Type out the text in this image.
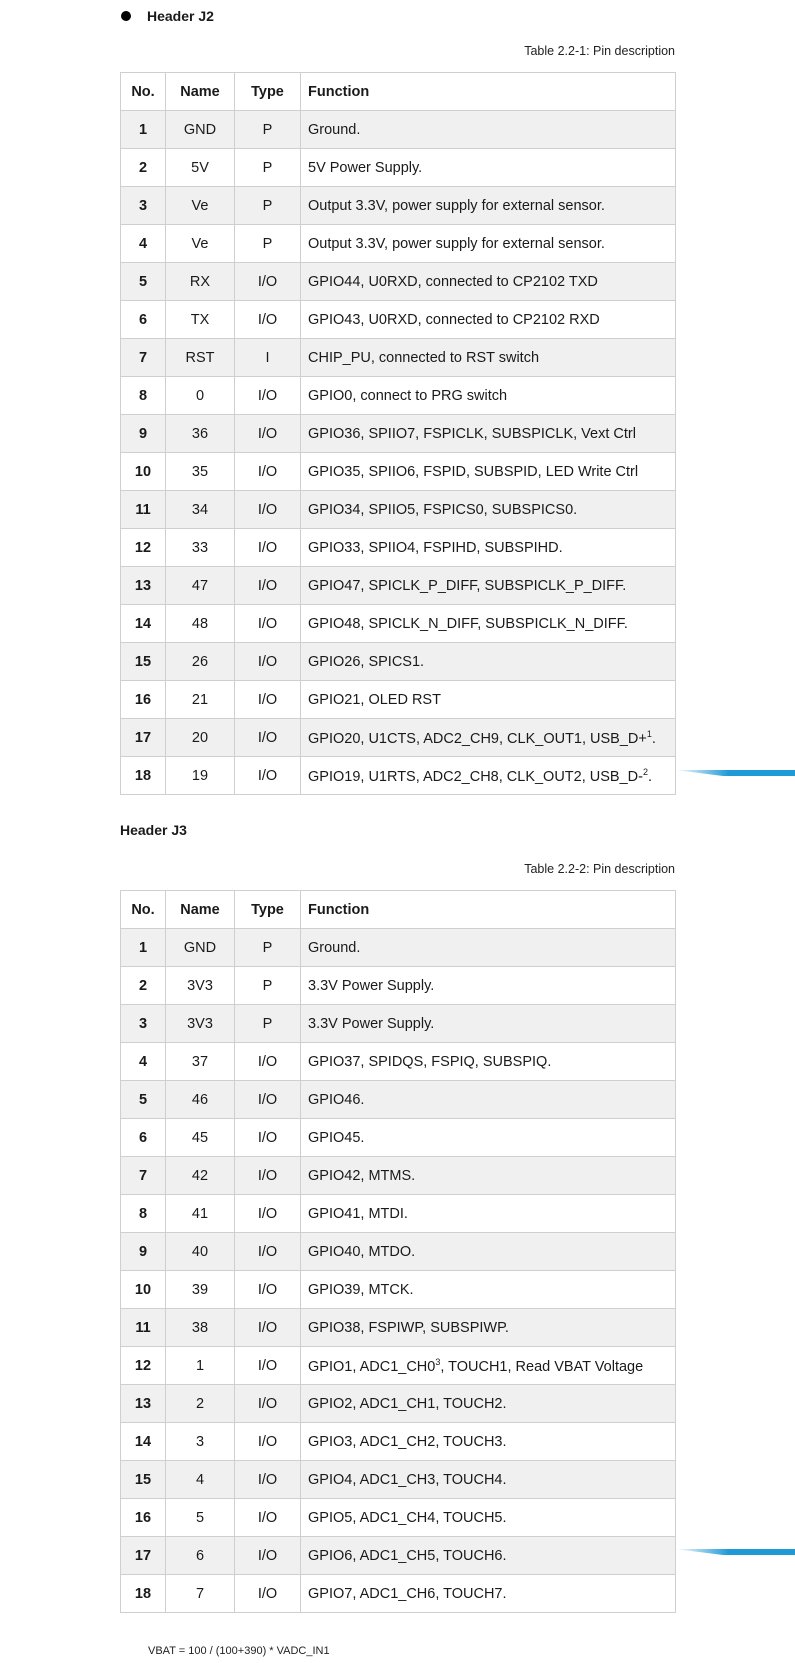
Header J2
Table 2.2-1: Pin description
No.	Name	Type	Function
1	GND	P	Ground.
2	5V	P	5V Power Supply.
3	Ve	P	Output 3.3V, power supply for external sensor.
4	Ve	P	Output 3.3V, power supply for external sensor.
5	RX	I/O	GPIO44, U0RXD, connected to CP2102 TXD
6	TX	I/O	GPIO43, U0RXD, connected to CP2102 RXD
7	RST	I	CHIP_PU, connected to RST switch
8	0	I/O	GPIO0, connect to PRG switch
9	36	I/O	GPIO36, SPIIO7, FSPICLK, SUBSPICLK, Vext Ctrl
10	35	I/O	GPIO35, SPIIO6, FSPID, SUBSPID, LED Write Ctrl
11	34	I/O	GPIO34, SPIIO5, FSPICS0, SUBSPICS0.
12	33	I/O	GPIO33, SPIIO4, FSPIHD, SUBSPIHD.
13	47	I/O	GPIO47, SPICLK_P_DIFF, SUBSPICLK_P_DIFF.
14	48	I/O	GPIO48, SPICLK_N_DIFF, SUBSPICLK_N_DIFF.
15	26	I/O	GPIO26, SPICS1.
16	21	I/O	GPIO21, OLED RST
17	20	I/O	GPIO20, U1CTS, ADC2_CH9, CLK_OUT1, USB_D+$^1$.
18	19	I/O	GPIO19, U1RTS, ADC2_CH8, CLK_OUT2, USB_D-$^2$.
Header J3
Table 2.2-2: Pin description
No.	Name	Type	Function
1	GND	P	Ground.
2	3V3	P	3.3V Power Supply.
3	3V3	P	3.3V Power Supply.
4	37	I/O	GPIO37, SPIDQS, FSPIQ, SUBSPIQ.
5	46	I/O	GPIO46.
6	45	I/O	GPIO45.
7	42	I/O	GPIO42, MTMS.
8	41	I/O	GPIO41, MTDI.
9	40	I/O	GPIO40, MTDO.
10	39	I/O	GPIO39, MTCK.
11	38	I/O	GPIO38, FSPIWP, SUBSPIWP.
12	1	I/O	GPIO1, $ADC1\_CH0^3$, TOUCH1, Read VBAT Voltage
13	2	I/O	GPIO2, ADC1_CH1, TOUCH2.
14	3	I/O	GPIO3, ADC1_CH2, TOUCH3.
15	4	I/O	GPIO4, ADC1_CH3, TOUCH4.
16	5	I/O	GPIO5, ADC1_CH4, TOUCH5.
17	6	I/O	GPIO6, ADC1_CH5, TOUCH6.
18	7	I/O	GPIO7, ADC1_CH6, TOUCH7.
VBAT = 100 / (100+390) * VADC_IN1
